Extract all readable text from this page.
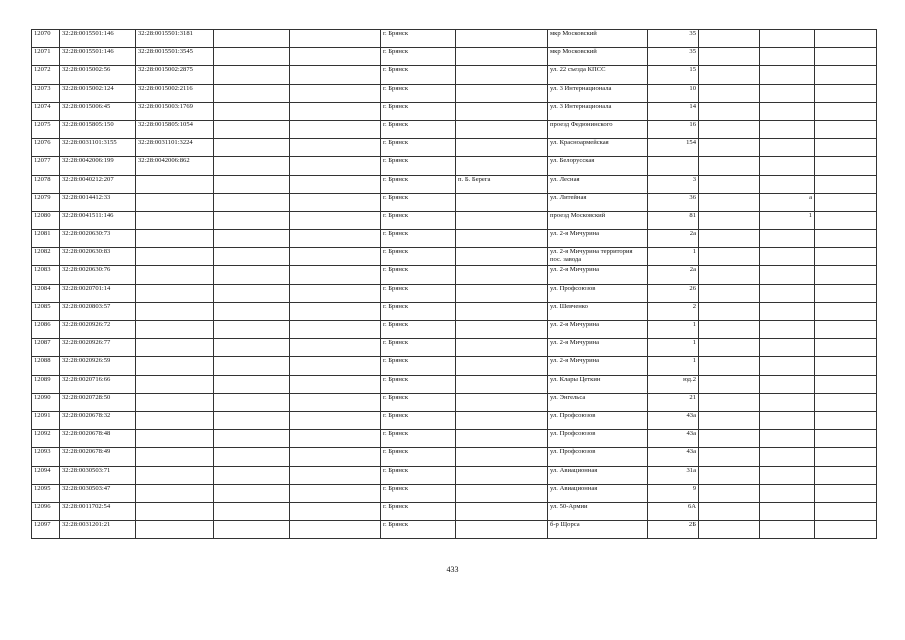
12070	32:28:0015501:146	32:28:0015501:3181			г. Брянск		мкр Московский	35			
12071	32:28:0015501:146	32:28:0015501:3545			г. Брянск		мкр Московский	35			
12072	32:28:0015002:56	32:28:0015002:2875			г. Брянск		ул. 22 съезда КПСС	15			
12073	32:28:0015002:124	32:28:0015002:2116			г. Брянск		ул. 3 Интернационала	10			
12074	32:28:0015006:45	32:28:0015003:1769			г. Брянск		ул. 3 Интернационала	14			
12075	32:28:0015805:150	32:28:0015805:1054			г. Брянск		проезд Федюнинского	16			
12076	32:28:0031101:3155	32:28:0031101:3224			г. Брянск		ул. Красноармейская	154			
12077	32:28:0042006:199	32:28:0042006:862			г. Брянск		ул. Белорусская				
12078	32:28:0040212:207				г. Брянск	п. Б. Берега	ул. Лесная	3			
12079	32:28:0014412:33				г. Брянск		ул. Литейная	36		а	
12080	32:28:0041511:146				г. Брянск		проезд Московский	81		1	
12081	32:28:0020630:73				г. Брянск		ул. 2-я Мичурина	2а			
12082	32:28:0020630:83				г. Брянск		ул. 2-я Мичурина территория пос. завода	1			
12083	32:28:0020630:76				г. Брянск		ул. 2-я Мичурина	2а			
12084	32:28:0020701:14				г. Брянск		ул. Профсоюзов	26			
12085	32:28:0020803:57				г. Брянск		ул. Шевченко	2			
12086	32:28:0020926:72				г. Брянск		ул. 2-я Мичурина	1			
12087	32:28:0020926:77				г. Брянск		ул. 2-я Мичурина	1			
12088	32:28:0020926:59				г. Брянск		ул. 2-я Мичурина	1			
12089	32:28:0020716:66				г. Брянск		ул. Клары Цеткин	юд.2			
12090	32:28:0020728:50				г. Брянск		ул. Энгельса	21			
12091	32:28:0020678:32				г. Брянск		ул. Профсоюзов	43а			
12092	32:28:0020678:48				г. Брянск		ул. Профсоюзов	43а			
12093	32:28:0020678:49				г. Брянск		ул. Профсоюзов	43а			
12094	32:28:0030503:71				г. Брянск		ул. Авиационная	31а			
12095	32:28:0030503:47				г. Брянск		ул. Авиационная	9			
12096	32:28:0011702:54				г. Брянск		ул. 50-Армии	6А			
12097	32:28:0031201:21				г. Брянск		б-р Щорса	2Б			
433
